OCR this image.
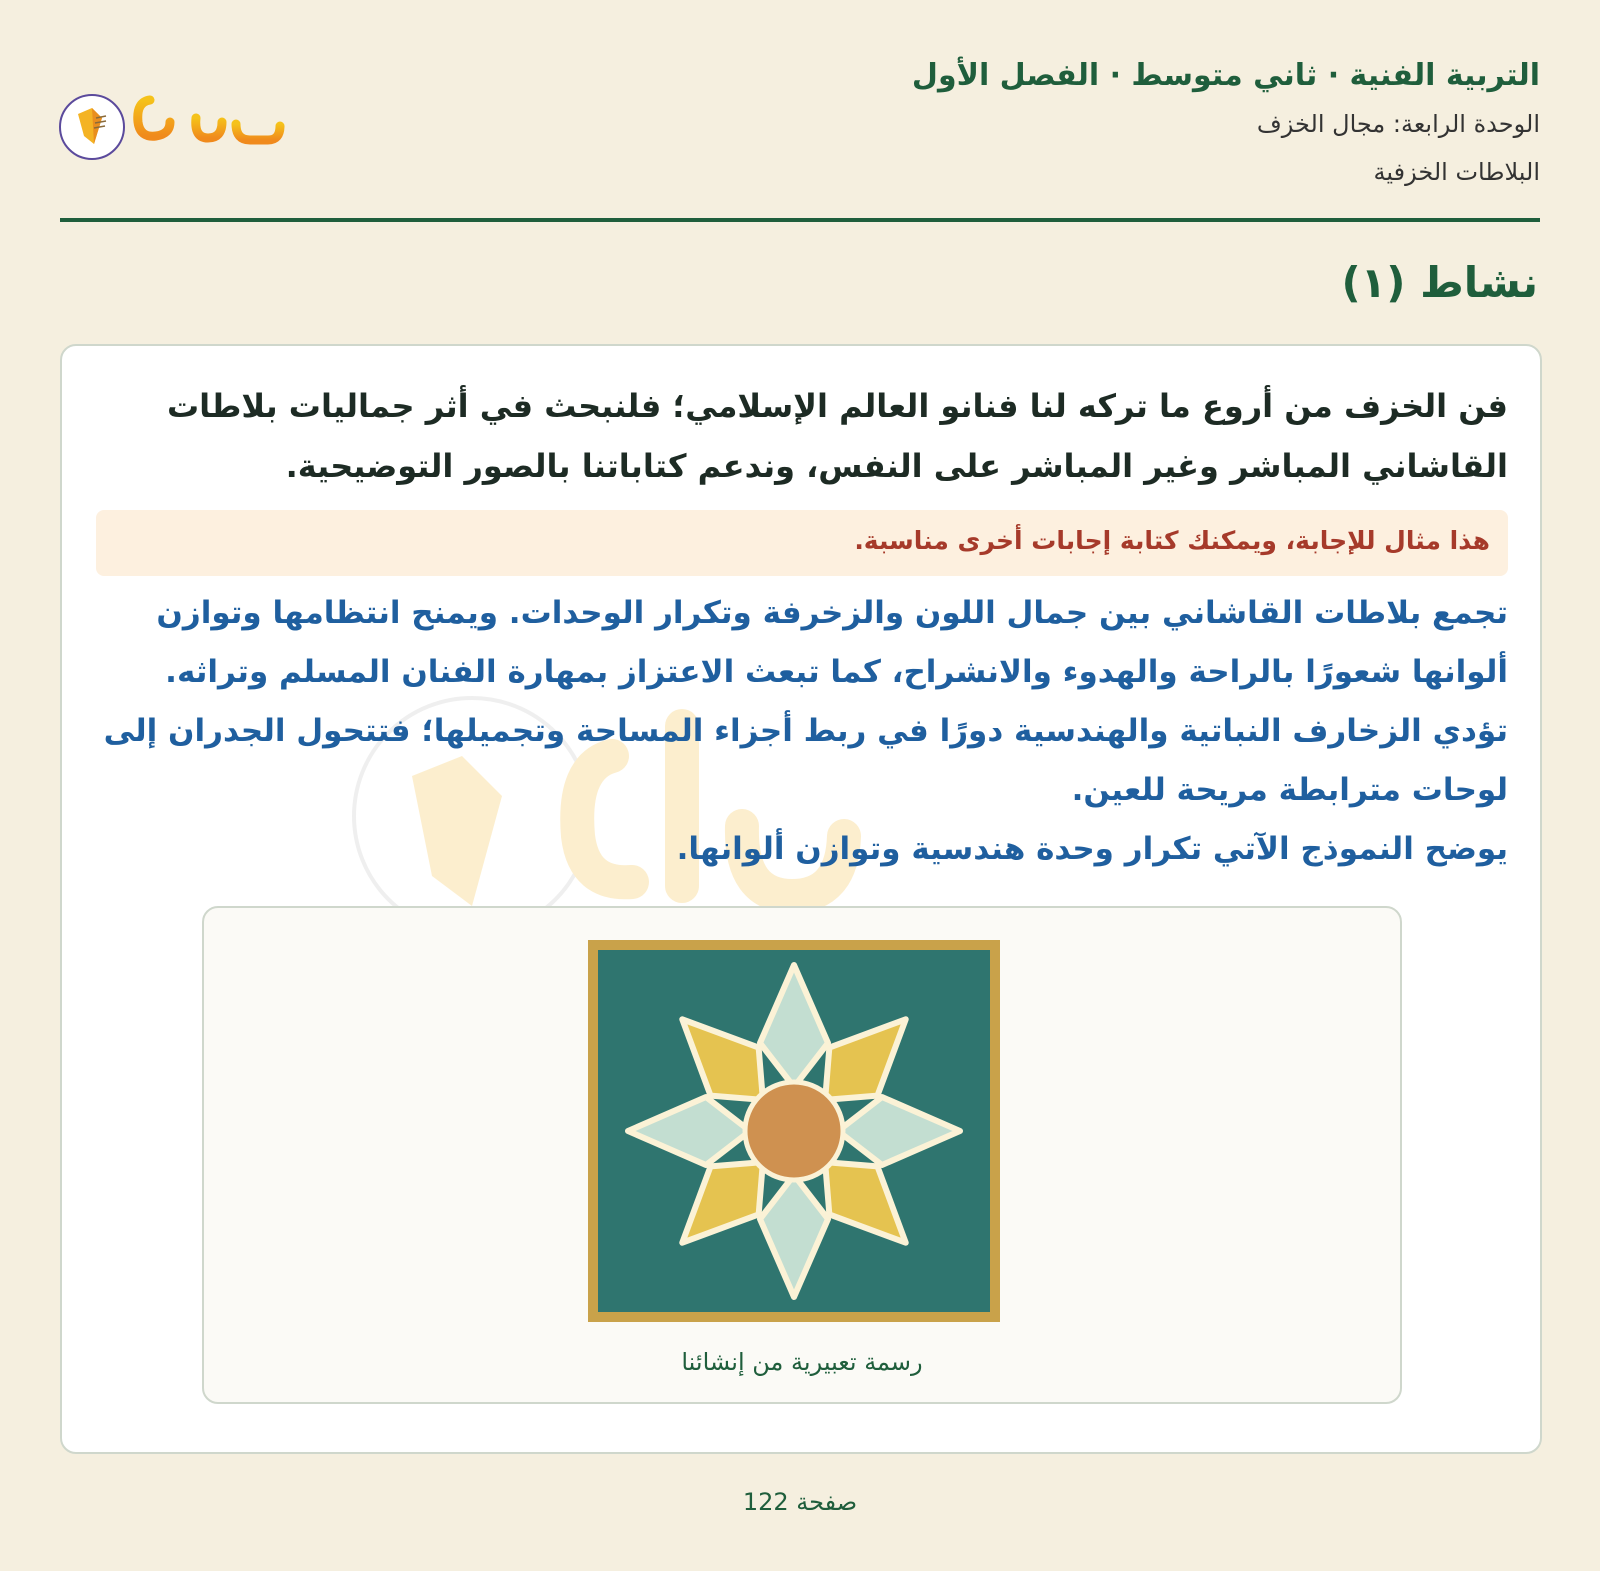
التربية الفنية · ثاني متوسط · الفصل الأول
الوحدة الرابعة: مجال الخزف
البلاطات الخزفية
نشاط (١)
فن الخزف من أروع ما تركه لنا فنانو العالم الإسلامي؛ فلنبحث في أثر جماليات بلاطات القاشاني المباشر وغير المباشر على النفس، وندعم كتاباتنا بالصور التوضيحية.
هذا مثال للإجابة، ويمكنك كتابة إجابات أخرى مناسبة.

تجمع بلاطات القاشاني بين جمال اللون والزخرفة وتكرار الوحدات. ويمنح انتظامها وتوازن ألوانها شعورًا بالراحة والهدوء والانشراح، كما تبعث الاعتزاز بمهارة الفنان المسلم وتراثه. تؤدي الزخارف النباتية والهندسية دورًا في ربط أجزاء المساحة وتجميلها؛ فتتحول الجدران إلى لوحات مترابطة مريحة للعين.

يوضح النموذج الآتي تكرار وحدة هندسية وتوازن ألوانها.

رسمة تعبيرية من إنشائنا
صفحة 122
